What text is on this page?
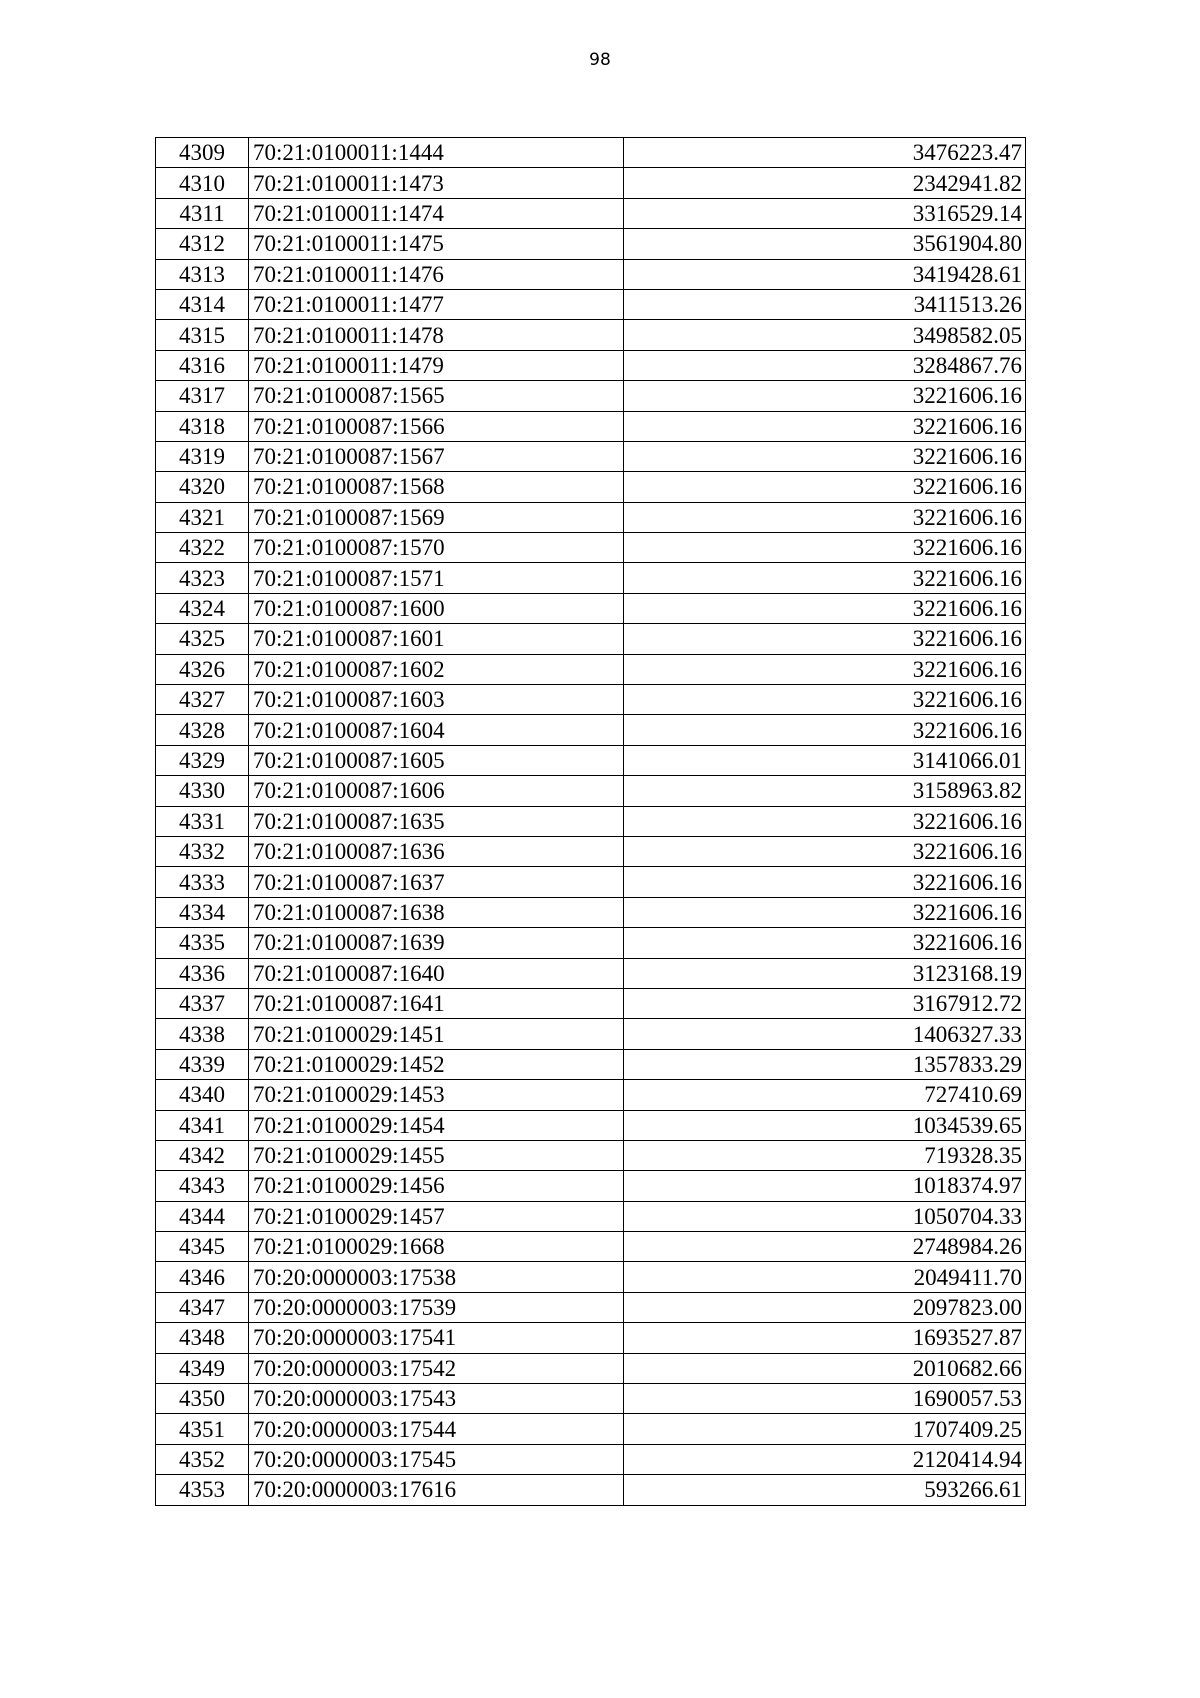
98
4309	70:21:0100011:1444	3476223.47
4310	70:21:0100011:1473	2342941.82
4311	70:21:0100011:1474	3316529.14
4312	70:21:0100011:1475	3561904.80
4313	70:21:0100011:1476	3419428.61
4314	70:21:0100011:1477	3411513.26
4315	70:21:0100011:1478	3498582.05
4316	70:21:0100011:1479	3284867.76
4317	70:21:0100087:1565	3221606.16
4318	70:21:0100087:1566	3221606.16
4319	70:21:0100087:1567	3221606.16
4320	70:21:0100087:1568	3221606.16
4321	70:21:0100087:1569	3221606.16
4322	70:21:0100087:1570	3221606.16
4323	70:21:0100087:1571	3221606.16
4324	70:21:0100087:1600	3221606.16
4325	70:21:0100087:1601	3221606.16
4326	70:21:0100087:1602	3221606.16
4327	70:21:0100087:1603	3221606.16
4328	70:21:0100087:1604	3221606.16
4329	70:21:0100087:1605	3141066.01
4330	70:21:0100087:1606	3158963.82
4331	70:21:0100087:1635	3221606.16
4332	70:21:0100087:1636	3221606.16
4333	70:21:0100087:1637	3221606.16
4334	70:21:0100087:1638	3221606.16
4335	70:21:0100087:1639	3221606.16
4336	70:21:0100087:1640	3123168.19
4337	70:21:0100087:1641	3167912.72
4338	70:21:0100029:1451	1406327.33
4339	70:21:0100029:1452	1357833.29
4340	70:21:0100029:1453	727410.69
4341	70:21:0100029:1454	1034539.65
4342	70:21:0100029:1455	719328.35
4343	70:21:0100029:1456	1018374.97
4344	70:21:0100029:1457	1050704.33
4345	70:21:0100029:1668	2748984.26
4346	70:20:0000003:17538	2049411.70
4347	70:20:0000003:17539	2097823.00
4348	70:20:0000003:17541	1693527.87
4349	70:20:0000003:17542	2010682.66
4350	70:20:0000003:17543	1690057.53
4351	70:20:0000003:17544	1707409.25
4352	70:20:0000003:17545	2120414.94
4353	70:20:0000003:17616	593266.61
